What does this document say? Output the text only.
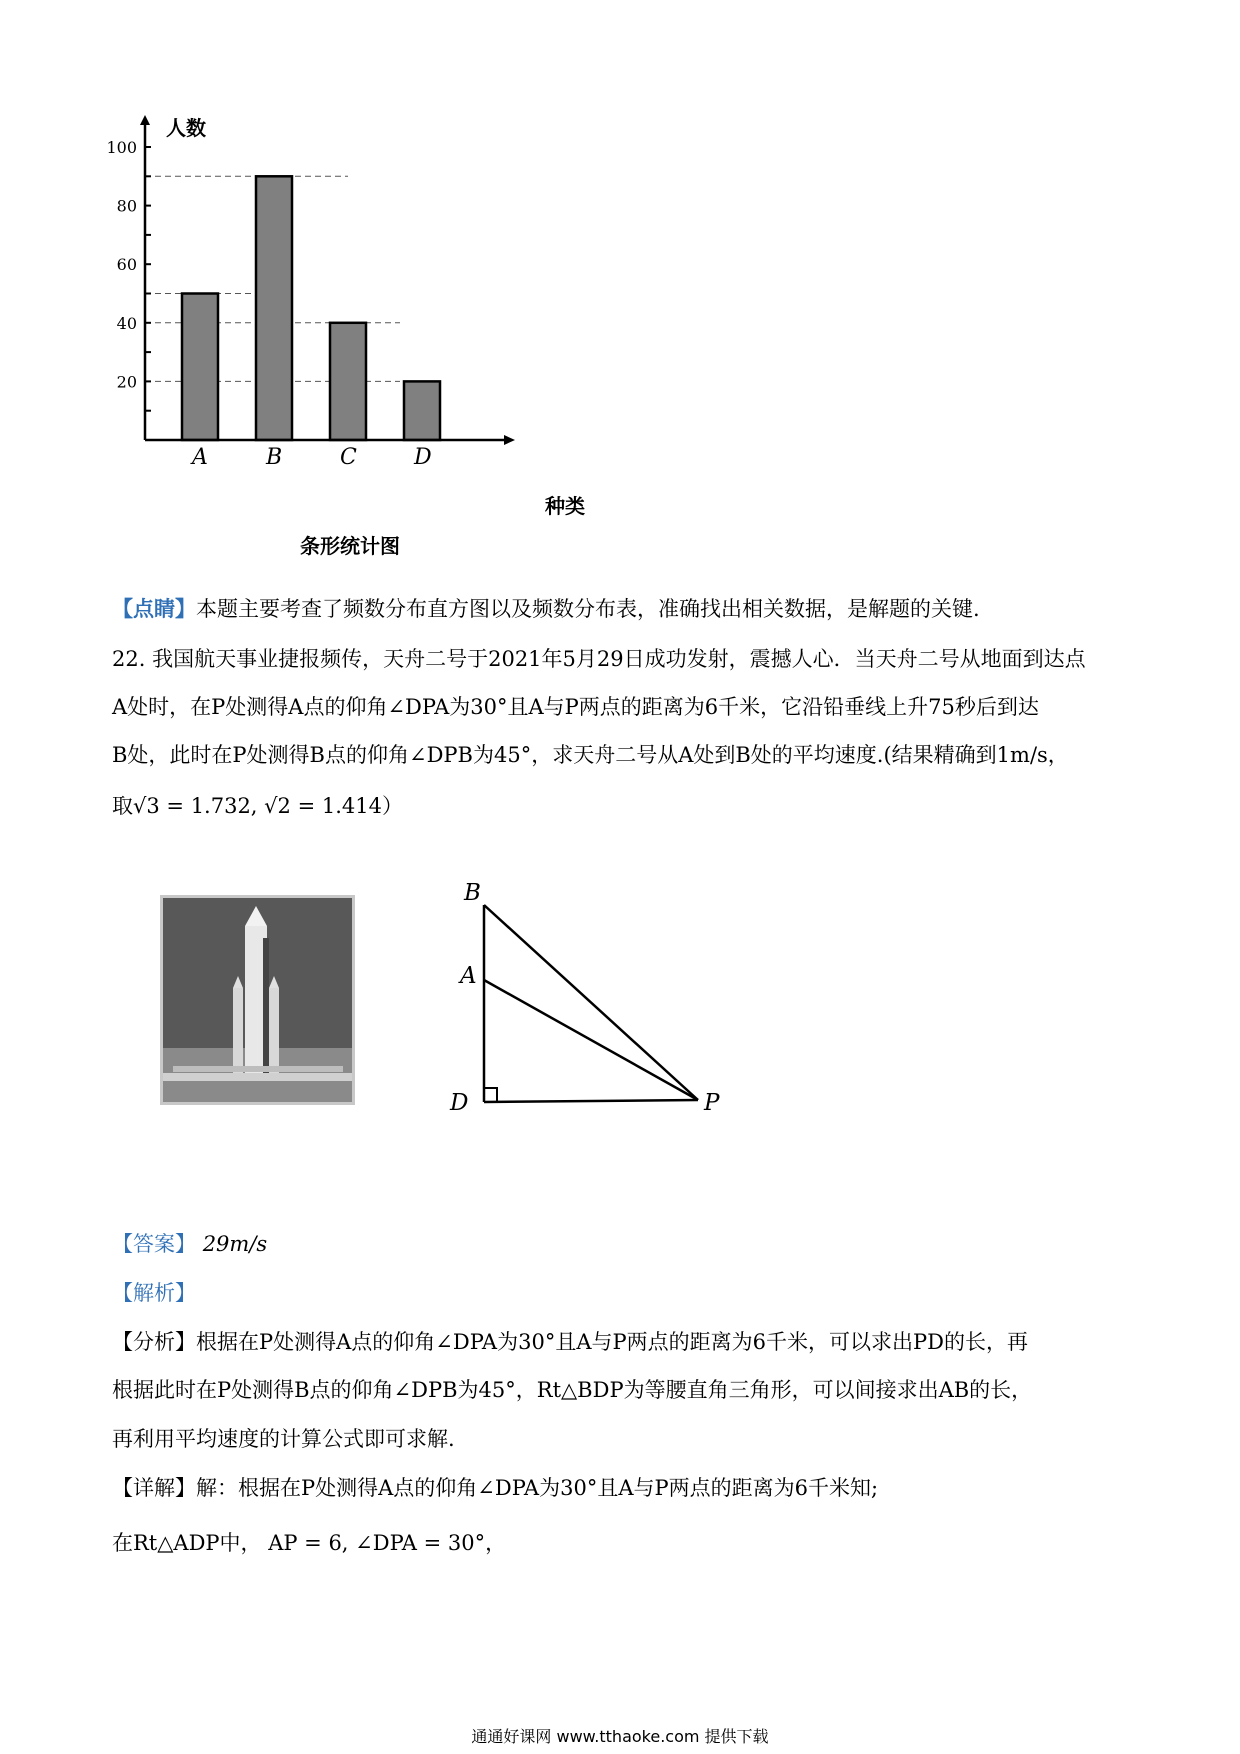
20
40
60
80
100
A	B	C	D
人数
种类
条形统计图
【点睛】本题主要考查了频数分布直方图以及频数分布表，准确找出相关数据，是解题的关键.
22. 我国航天事业捷报频传，天舟二号于2021年5月29日成功发射，震撼人心．当天舟二号从地面到达点
A处时，在P处测得A点的仰角∠DPA为30°且A与P两点的距离为6千米，它沿铅垂线上升75秒后到达
B处，此时在P处测得B点的仰角∠DPB为45°，求天舟二号从A处到B处的平均速度.(结果精确到1m/s，
取√3 = 1.732, √2 = 1.414）
B
A
D	P
【答案】 29m/s
【解析】
【分析】根据在P处测得A点的仰角∠DPA为30°且A与P两点的距离为6千米，可以求出PD的长，再
根据此时在P处测得B点的仰角∠DPB为45°，Rt△BDP为等腰直角三角形，可以间接求出AB的长，
再利用平均速度的计算公式即可求解.
【详解】解：根据在P处测得A点的仰角∠DPA为30°且A与P两点的距离为6千米知;
在Rt△ADP中， AP = 6, ∠DPA = 30°，
通通好课网 www.tthaoke.com 提供下载
